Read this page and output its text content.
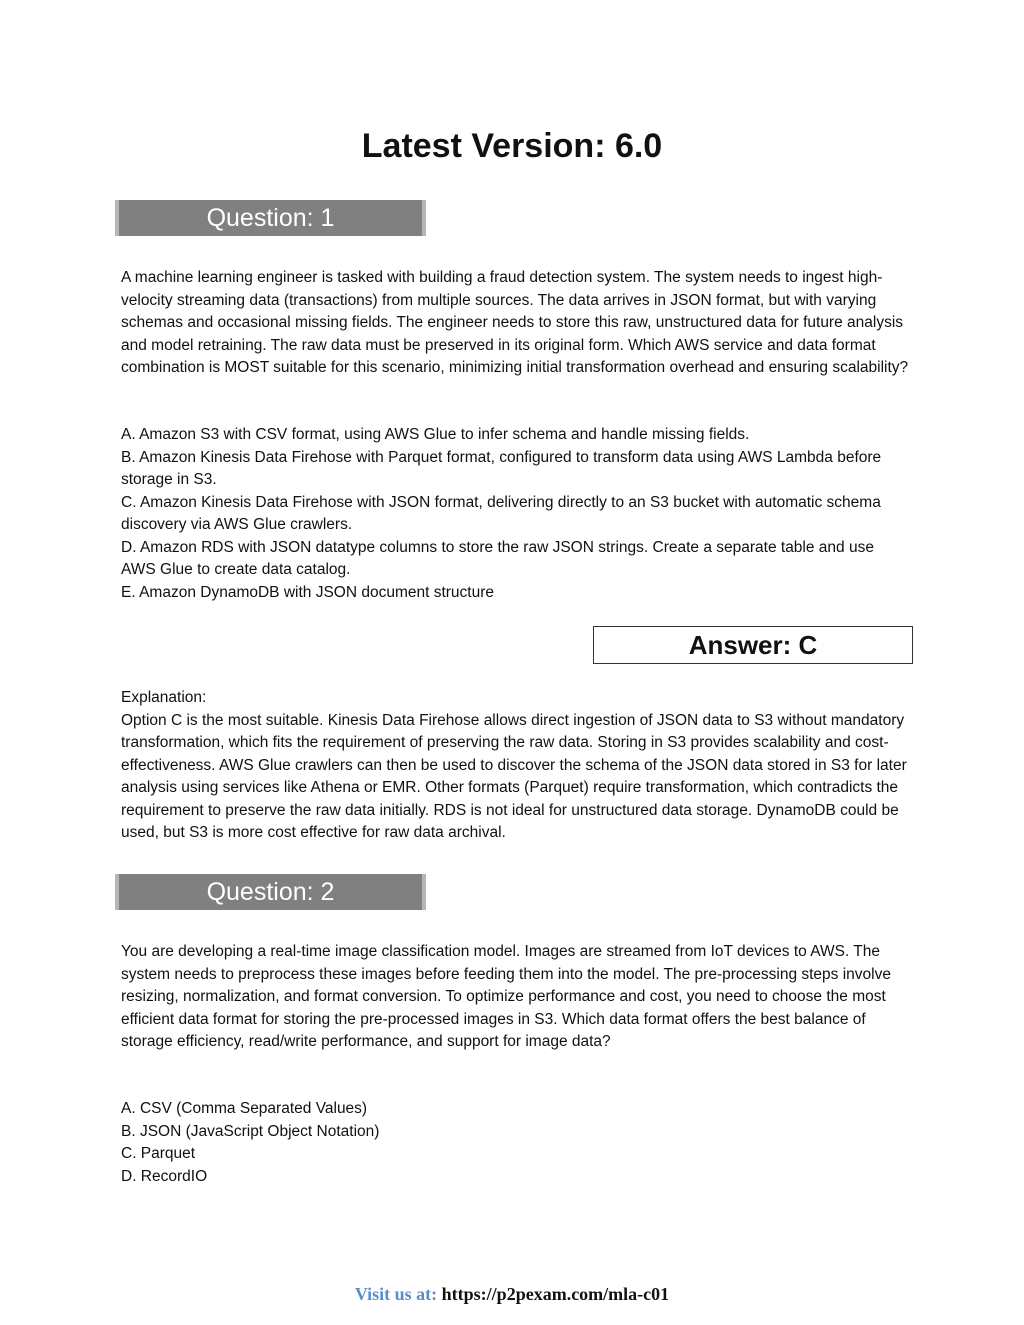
Latest Version: 6.0
Question: 1

A machine learning engineer is tasked with building a fraud detection system. The system needs to ingest high-velocity streaming data (transactions) from multiple sources. The data arrives in JSON format, but with varying schemas and occasional missing fields. The engineer needs to store this raw, unstructured data for future analysis and model retraining. The raw data must be preserved in its original form. Which AWS service and data format combination is MOST suitable for this scenario, minimizing initial transformation overhead and ensuring scalability?

A. Amazon S3 with CSV format, using AWS Glue to infer schema and handle missing fields.

B. Amazon Kinesis Data Firehose with Parquet format, configured to transform data using AWS Lambda before storage in S3.

C. Amazon Kinesis Data Firehose with JSON format, delivering directly to an S3 bucket with automatic schema discovery via AWS Glue crawlers.

D. Amazon RDS with JSON datatype columns to store the raw JSON strings. Create a separate table and use AWS Glue to create data catalog.

E. Amazon DynamoDB with JSON document structure

Answer: C

Explanation:

Option C is the most suitable. Kinesis Data Firehose allows direct ingestion of JSON data to S3 without mandatory transformation, which fits the requirement of preserving the raw data. Storing in S3 provides scalability and cost-effectiveness. AWS Glue crawlers can then be used to discover the schema of the JSON data stored in S3 for later analysis using services like Athena or EMR. Other formats (Parquet) require transformation, which contradicts the requirement to preserve the raw data initially. RDS is not ideal for unstructured data storage. DynamoDB could be used, but S3 is more cost effective for raw data archival.

Question: 2

You are developing a real-time image classification model. Images are streamed from IoT devices to AWS. The system needs to preprocess these images before feeding them into the model. The pre-processing steps involve resizing, normalization, and format conversion. To optimize performance and cost, you need to choose the most efficient data format for storing the pre-processed images in S3. Which data format offers the best balance of storage efficiency, read/write performance, and support for image data?

A. CSV (Comma Separated Values)

B. JSON (JavaScript Object Notation)

C. Parquet

D. RecordIO

Visit us at: https://p2pexam.com/mla-c01
